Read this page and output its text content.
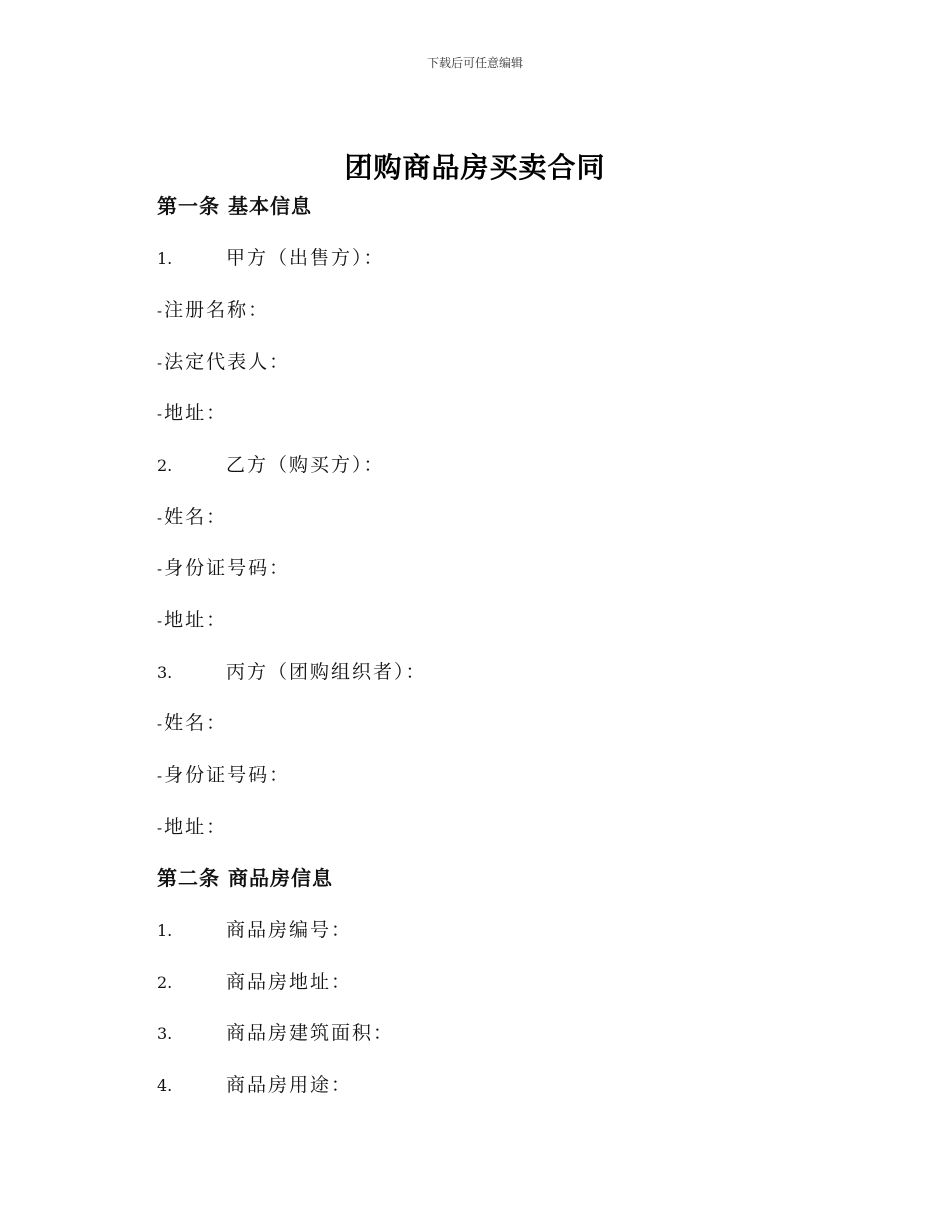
下载后可任意编辑
团购商品房买卖合同
第一条 基本信息
1.	甲方（出售方）：
-注册名称：
-法定代表人：
-地址：
2.	乙方（购买方）：
-姓名：
-身份证号码：
-地址：
3.	丙方（团购组织者）：
-姓名：
-身份证号码：
-地址：
第二条 商品房信息
1.	商品房编号：
2.	商品房地址：
3.	商品房建筑面积：
4.	商品房用途：
